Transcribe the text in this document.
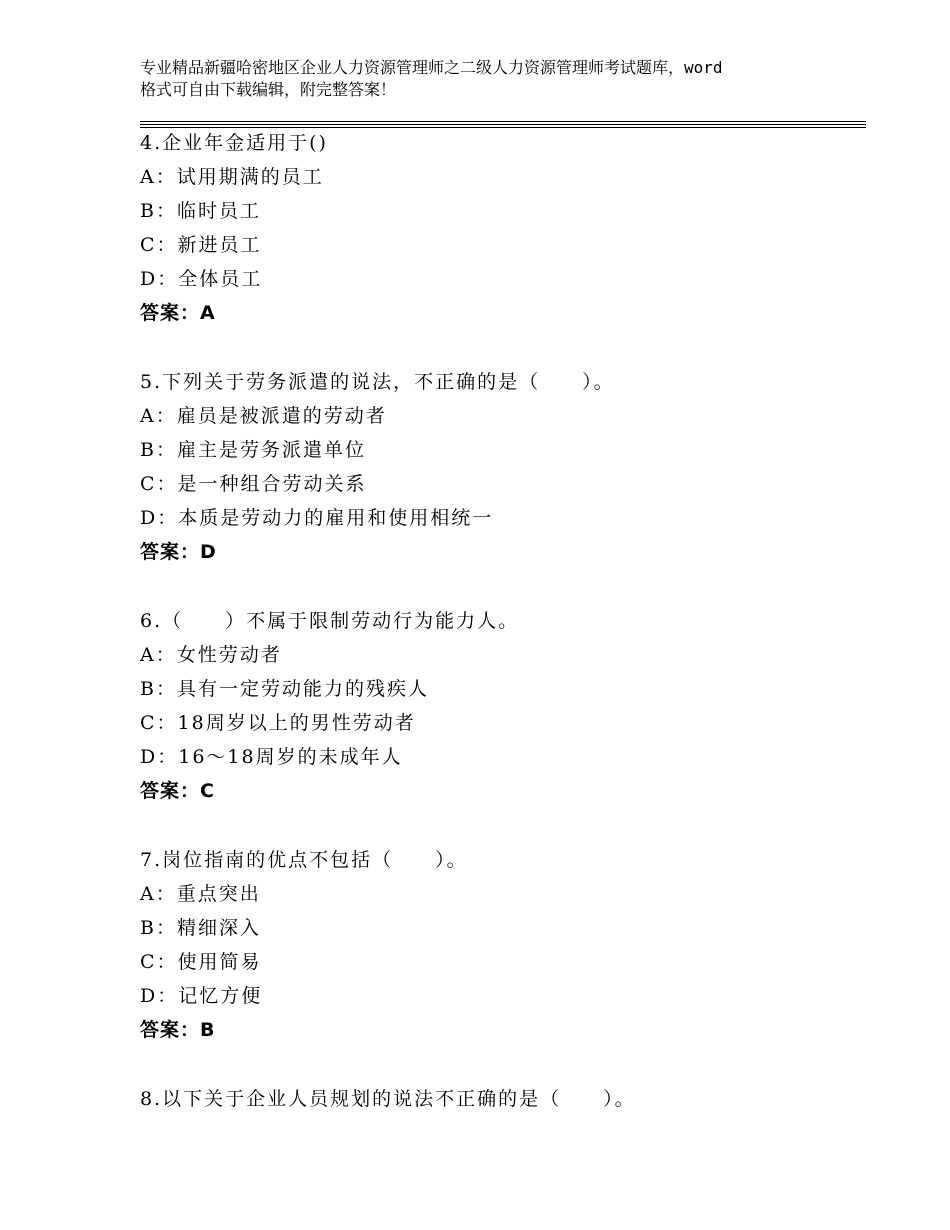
专业精品新疆哈密地区企业人力资源管理师之二级人力资源管理师考试题库，word
格式可自由下载编辑，附完整答案！
4.企业年金适用于()
A：试用期满的员工
B：临时员工
C：新进员工
D：全体员工
答案：A
5.下列关于劳务派遣的说法，不正确的是（　　）。
A：雇员是被派遣的劳动者
B：雇主是劳务派遣单位
C：是一种组合劳动关系
D：本质是劳动力的雇用和使用相统一
答案：D
6.（　　）不属于限制劳动行为能力人。
A：女性劳动者
B：具有一定劳动能力的残疾人
C：18周岁以上的男性劳动者
D：16～18周岁的未成年人
答案：C
7.岗位指南的优点不包括（　　）。
A：重点突出
B：精细深入
C：使用简易
D：记忆方便
答案：B
8.以下关于企业人员规划的说法不正确的是（　　）。
